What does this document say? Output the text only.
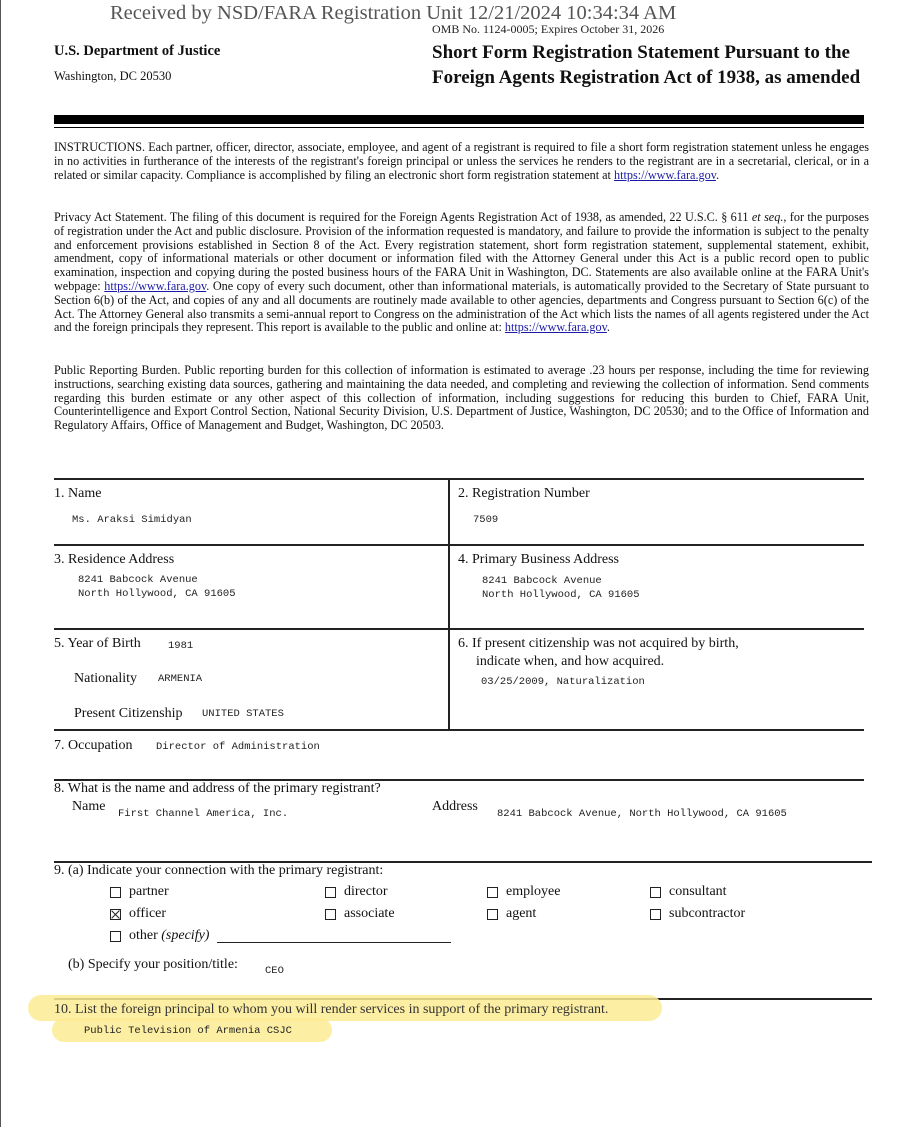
Received by NSD/FARA Registration Unit 12/21/2024 10:34:34 AM
OMB No. 1124-0005; Expires October 31, 2026
U.S. Department of Justice
Washington, DC 20530
Short Form Registration Statement Pursuant to the Foreign Agents Registration Act of 1938, as amended
INSTRUCTIONS. Each partner, officer, director, associate, employee, and agent of a registrant is required to file a short form registration statement unless he engages in no activities in furtherance of the interests of the registrant's foreign principal or unless the services he renders to the registrant are in a secretarial, clerical, or in a related or similar capacity. Compliance is accomplished by filing an electronic short form registration statement at https://www.fara.gov.
Privacy Act Statement. The filing of this document is required for the Foreign Agents Registration Act of 1938, as amended, 22 U.S.C. § 611 et seq., for the purposes of registration under the Act and public disclosure. Provision of the information requested is mandatory, and failure to provide the information is subject to the penalty and enforcement provisions established in Section 8 of the Act. Every registration statement, short form registration statement, supplemental statement, exhibit, amendment, copy of informational materials or other document or information filed with the Attorney General under this Act is a public record open to public examination, inspection and copying during the posted business hours of the FARA Unit in Washington, DC. Statements are also available online at the FARA Unit's webpage: https://www.fara.gov. One copy of every such document, other than informational materials, is automatically provided to the Secretary of State pursuant to Section 6(b) of the Act, and copies of any and all documents are routinely made available to other agencies, departments and Congress pursuant to Section 6(c) of the Act. The Attorney General also transmits a semi-annual report to Congress on the administration of the Act which lists the names of all agents registered under the Act and the foreign principals they represent. This report is available to the public and online at: https://www.fara.gov.
Public Reporting Burden. Public reporting burden for this collection of information is estimated to average .23 hours per response, including the time for reviewing instructions, searching existing data sources, gathering and maintaining the data needed, and completing and reviewing the collection of information. Send comments regarding this burden estimate or any other aspect of this collection of information, including suggestions for reducing this burden to Chief, FARA Unit, Counterintelligence and Export Control Section, National Security Division, U.S. Department of Justice, Washington, DC 20530; and to the Office of Information and Regulatory Affairs, Office of Management and Budget, Washington, DC 20503.
1. Name
Ms. Araksi Simidyan
2. Registration Number
7509
3. Residence Address
8241 Babcock Avenue
North Hollywood, CA 91605
4. Primary Business Address
8241 Babcock Avenue
North Hollywood, CA 91605
5. Year of Birth	1981
Nationality ARMENIA
Present Citizenship UNITED STATES
6. If present citizenship was not acquired by birth,
indicate when, and how acquired.
03/25/2009, Naturalization
7. Occupation Director of Administration
8. What is the name and address of the primary registrant?
Name First Channel America, Inc.	Address 8241 Babcock Avenue, North Hollywood, CA 91605
9. (a) Indicate your connection with the primary registrant:
partner
officer
other (specify)
director
associate
employee
agent
consultant
subcontractor
(b) Specify your position/title:	CEO
10. List the foreign principal to whom you will render services in support of the primary registrant.
Public Television of Armenia CSJC
